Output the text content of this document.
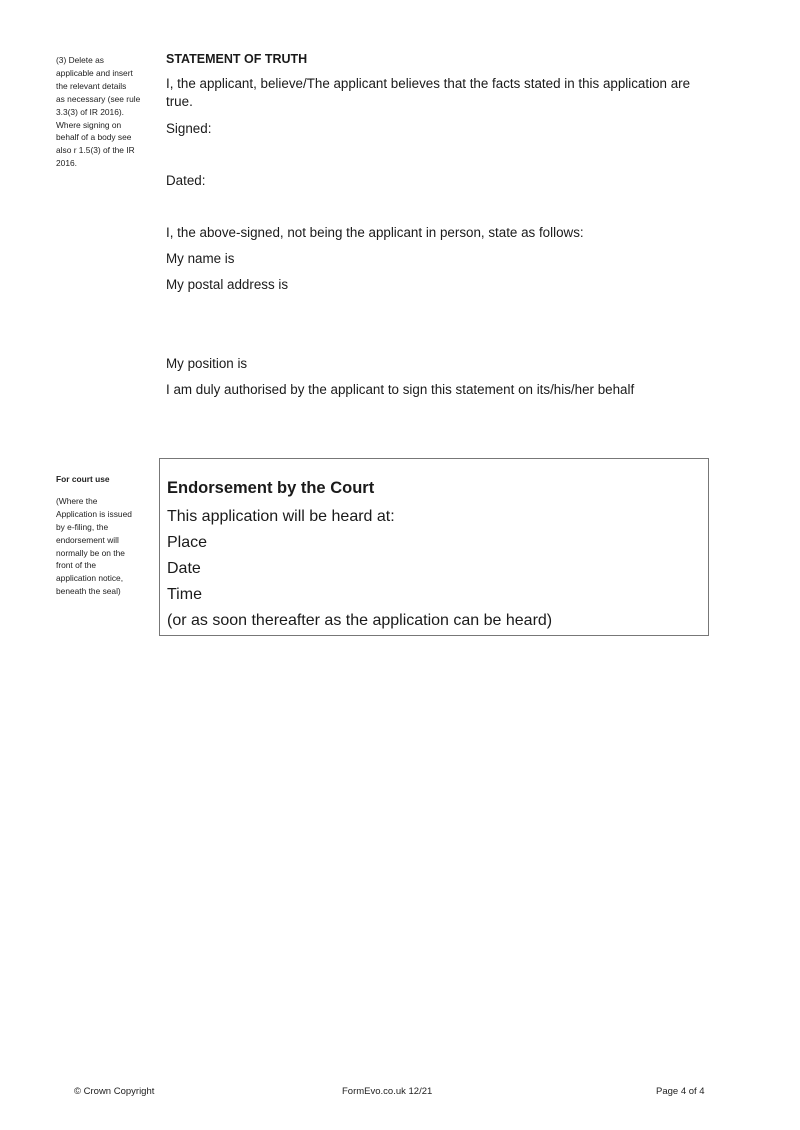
(3) Delete as

applicable and insert

the relevant details

as necessary (see rule

3.3(3) of IR 2016).

Where signing on

behalf of a body see

also r 1.5(3) of the IR

2016.

STATEMENT OF TRUTH
I, the applicant, believe/The applicant believes that the facts stated in this application are true.
Signed:
Dated:
I, the above-signed, not being the applicant in person, state as follows:
My name is
My postal address is
My position is
I am duly authorised by the applicant to sign this statement on its/his/her behalf

For court use

(Where the

Application is issued

by e-filing, the

endorsement will

normally be on the

front of the

application notice,

beneath the seal)

Endorsement by the Court
This application will be heard at:
Place
Date
Time
(or as soon thereafter as the application can be heard)
© Crown Copyright	FormEvo.co.uk 12/21	Page 4 of 4
